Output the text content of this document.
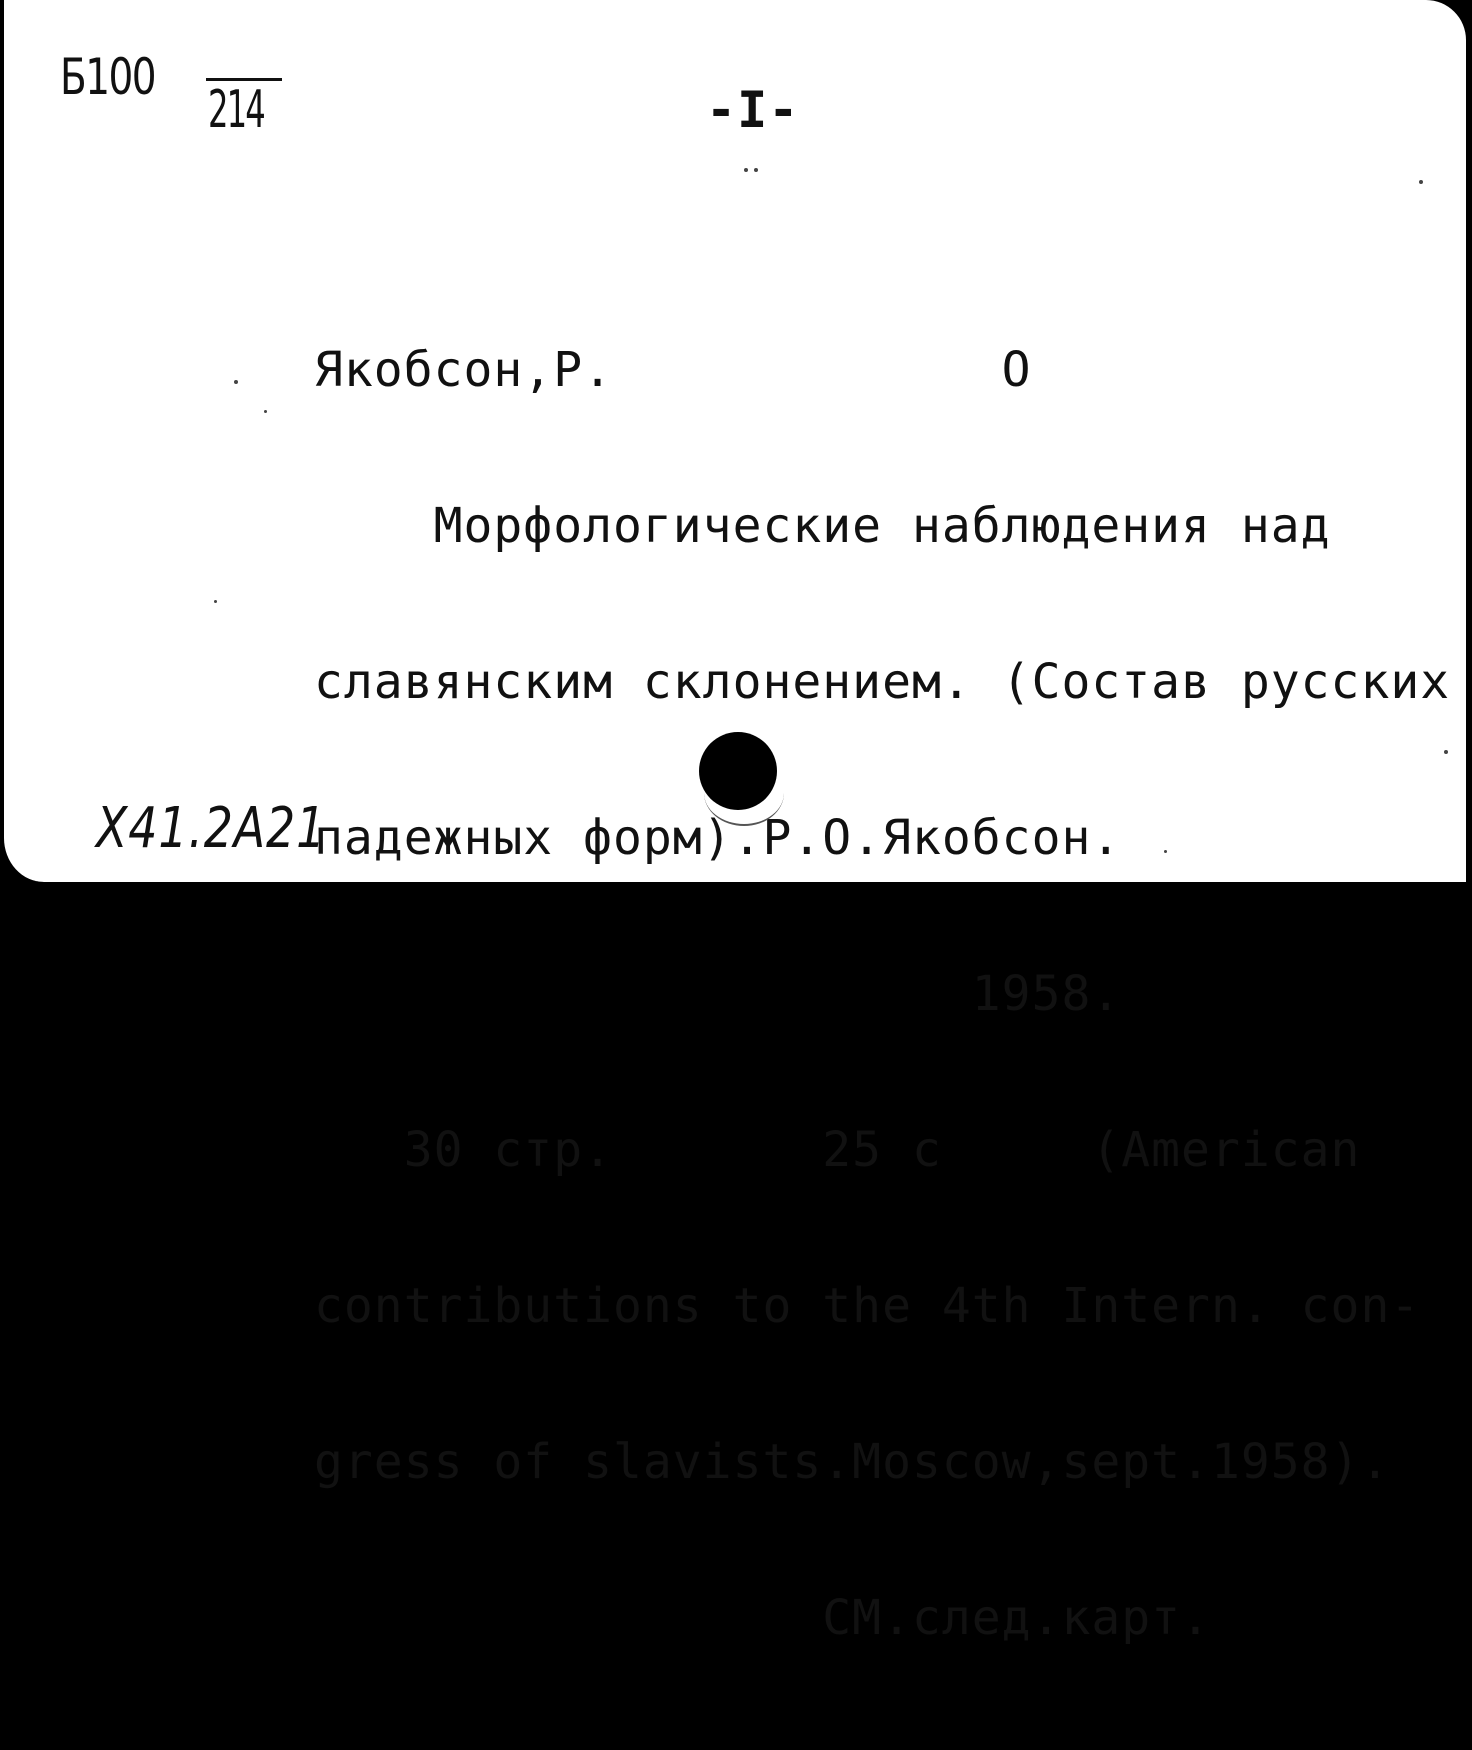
Б100
214	-I-

Якобсон,Р.             О

Морфологические наблюдения над

славянским склонением. (Состав русских

падежных форм).Р.О.Якобсон.

1958.

30 стр.       25 с     (American

contributions to the 4th Intern. con-

gress of slavists.Moscow,sept.1958).

СМ.след.карт.

Х41.2А21
